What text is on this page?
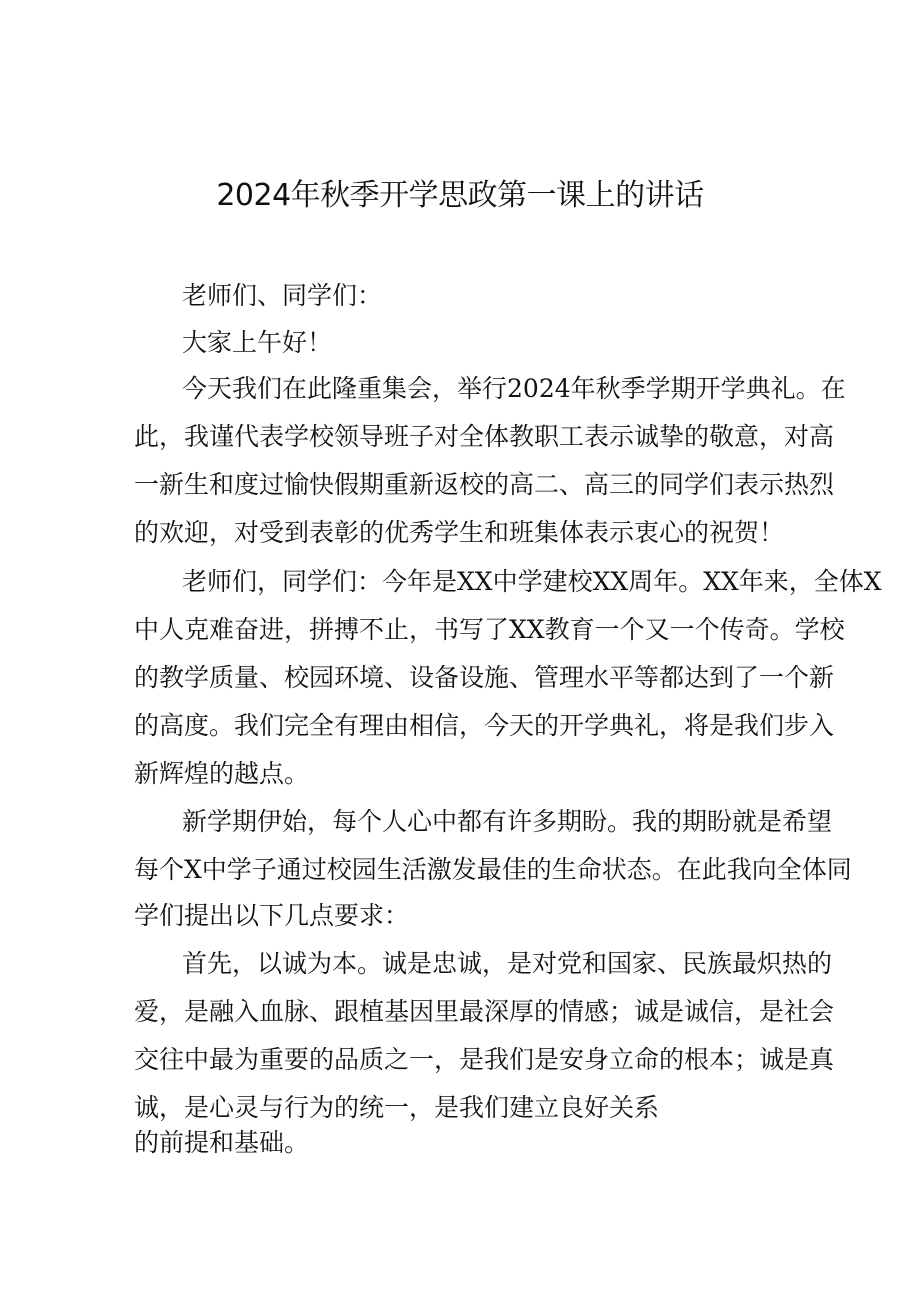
2024年秋季开学思政第一课上的讲话
老师们、同学们：
大家上午好！
今天我们在此隆重集会，举行2024年秋季学期开学典礼。在
此，我谨代表学校领导班子对全体教职工表示诚挚的敬意，对高
一新生和度过愉快假期重新返校的高二、高三的同学们表示热烈
的欢迎，对受到表彰的优秀学生和班集体表示衷心的祝贺！
老师们，同学们：今年是XX中学建校XX周年。XX年来，全体X
中人克难奋进，拼搏不止，书写了XX教育一个又一个传奇。学校
的教学质量、校园环境、设备设施、管理水平等都达到了一个新
的高度。我们完全有理由相信，今天的开学典礼，将是我们步入
新辉煌的越点。
新学期伊始，每个人心中都有许多期盼。我的期盼就是希望
每个X中学子通过校园生活激发最佳的生命状态。在此我向全体同
学们提出以下几点要求：
首先，以诚为本。诚是忠诚，是对党和国家、民族最炽热的
爱，是融入血脉、跟植基因里最深厚的情感；诚是诚信，是社会
交往中最为重要的品质之一，是我们是安身立命的根本；诚是真
诚，是心灵与行为的统一，是我们建立良好关系
的前提和基础。
